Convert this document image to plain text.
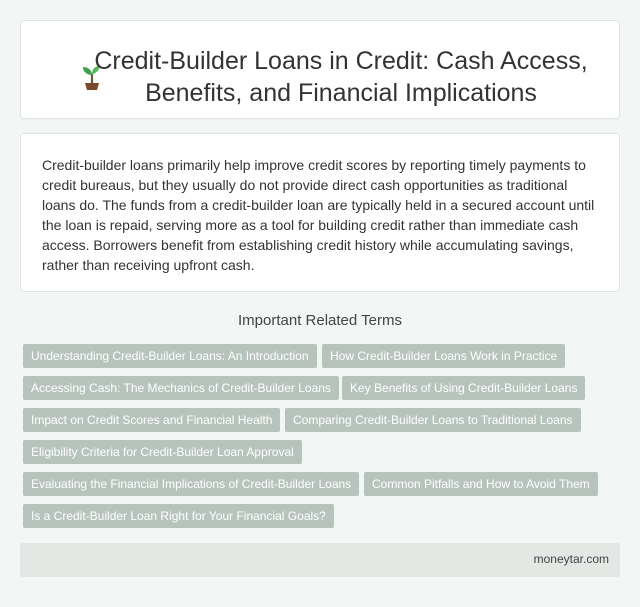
Credit-Builder Loans in Credit: Cash Access, Benefits, and Financial Implications

Credit-builder loans primarily help improve credit scores by reporting timely payments to credit bureaus, but they usually do not provide direct cash opportunities as traditional loans do. The funds from a credit-builder loan are typically held in a secured account until the loan is repaid, serving more as a tool for building credit rather than immediate cash access. Borrowers benefit from establishing credit history while accumulating savings, rather than receiving upfront cash.

Important Related Terms
Understanding Credit-Builder Loans: An Introduction	How Credit-Builder Loans Work in Practice
Accessing Cash: The Mechanics of Credit-Builder Loans	Key Benefits of Using Credit-Builder Loans
Impact on Credit Scores and Financial Health	Comparing Credit-Builder Loans to Traditional Loans
Eligibility Criteria for Credit-Builder Loan Approval
Evaluating the Financial Implications of Credit-Builder Loans	Common Pitfalls and How to Avoid Them
Is a Credit-Builder Loan Right for Your Financial Goals?
moneytar.com
